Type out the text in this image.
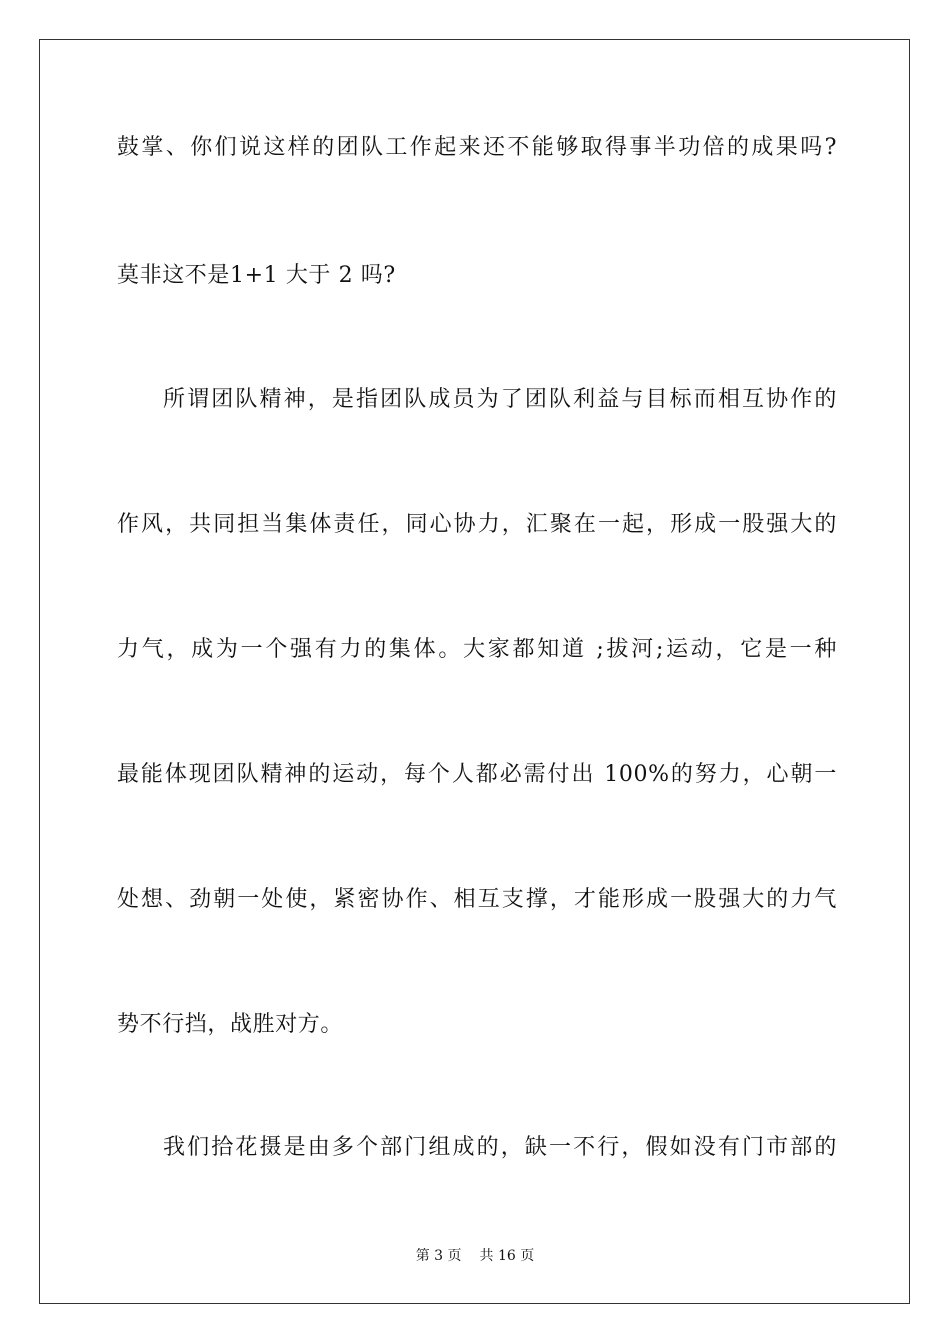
鼓掌、你们说这样的团队工作起来还不能够取得事半功倍的成果吗?
莫非这不是1+1 大于 2 吗?
所谓团队精神，是指团队成员为了团队利益与目标而相互协作的
作风，共同担当集体责任，同心协力，汇聚在一起，形成一股强大的
力气，成为一个强有力的集体。大家都知道 ;拔河;运动，它是一种
最能体现团队精神的运动，每个人都必需付出 100%的努力，心朝一
处想、劲朝一处使，紧密协作、相互支撑，才能形成一股强大的力气
势不行挡，战胜对方。
我们拾花摄是由多个部门组成的，缺一不行，假如没有门市部的
第 3 页 共 16 页
